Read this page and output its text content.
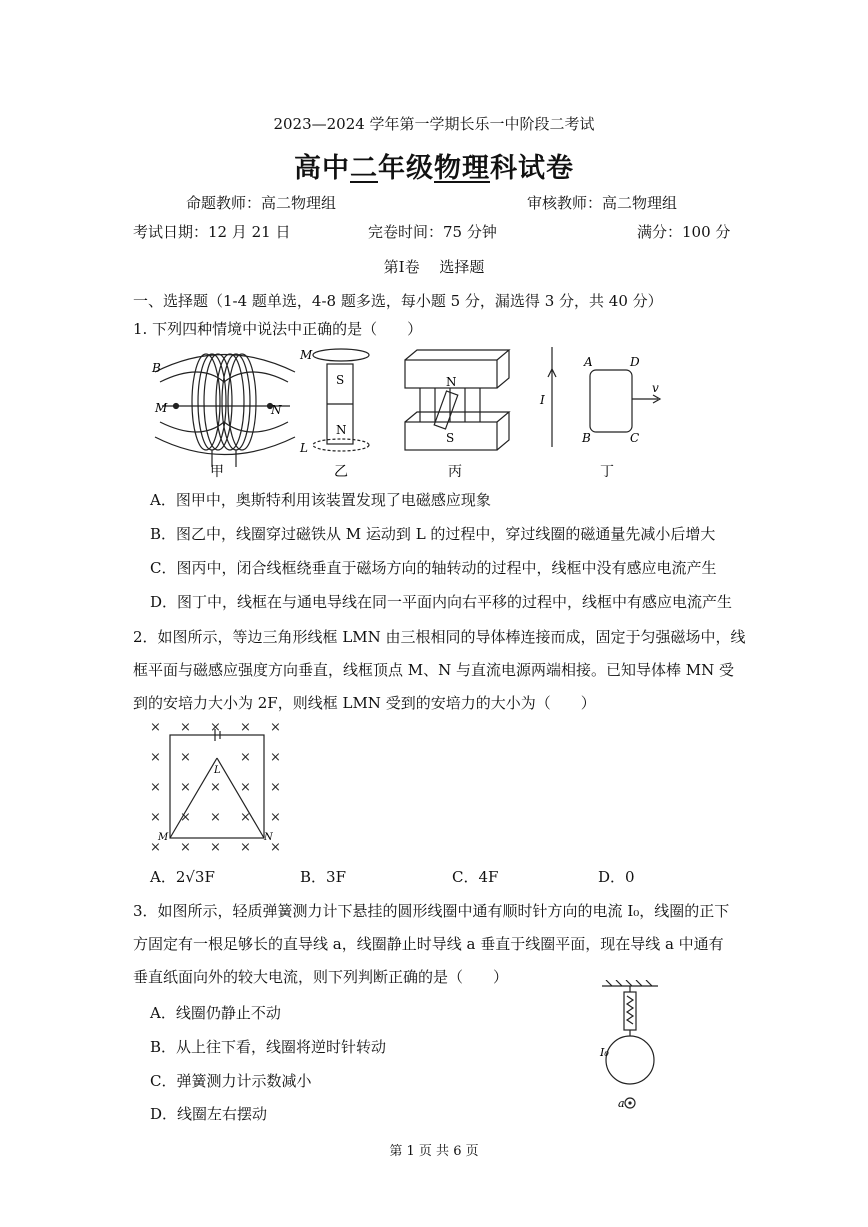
2023—2024 学年第一学期长乐一中阶段二考试
高中二年级物理科试卷
命题教师：高二物理组	审核教师：高二物理组
考试日期：12 月 21 日	完卷时间：75 分钟	满分：100 分
第Ⅰ卷　 选择题
一、选择题（1-4 题单选，4-8 题多选，每小题 5 分，漏选得 3 分，共 40 分）
1. 下列四种情境中说法中正确的是（　　）
B
M	N
甲
M
L
S
N
乙
N
S
丙
I
A	D
B	C
v
丁
A．图甲中，奥斯特利用该装置发现了电磁感应现象
B．图乙中，线圈穿过磁铁从 M 运动到 L 的过程中，穿过线圈的磁通量先减小后增大
C．图丙中，闭合线框绕垂直于磁场方向的轴转动的过程中，线框中没有感应电流产生
D．图丁中，线框在与通电导线在同一平面内向右平移的过程中，线框中有感应电流产生
2．如图所示，等边三角形线框 LMN 由三根相同的导体棒连接而成，固定于匀强磁场中，线
框平面与磁感应强度方向垂直，线框顶点 M、N 与直流电源两端相接。已知导体棒 MN 受
到的安培力大小为 2F，则线框 LMN 受到的安培力的大小为（　　）
× × × × ×
× ×	× ×
× × × × ×
× × × × ×
× × × × ×
L
M	N
A．2√3F	B．3F	C．4F	D．0
3．如图所示，轻质弹簧测力计下悬挂的圆形线圈中通有顺时针方向的电流 I₀，线圈的正下
方固定有一根足够长的直导线 a，线圈静止时导线 a 垂直于线圈平面，现在导线 a 中通有
垂直纸面向外的较大电流，则下列判断正确的是（　　）
A．线圈仍静止不动
B．从上往下看，线圈将逆时针转动
C．弹簧测力计示数减小
D．线圈左右摆动
I₀
a
第 1 页 共 6 页
